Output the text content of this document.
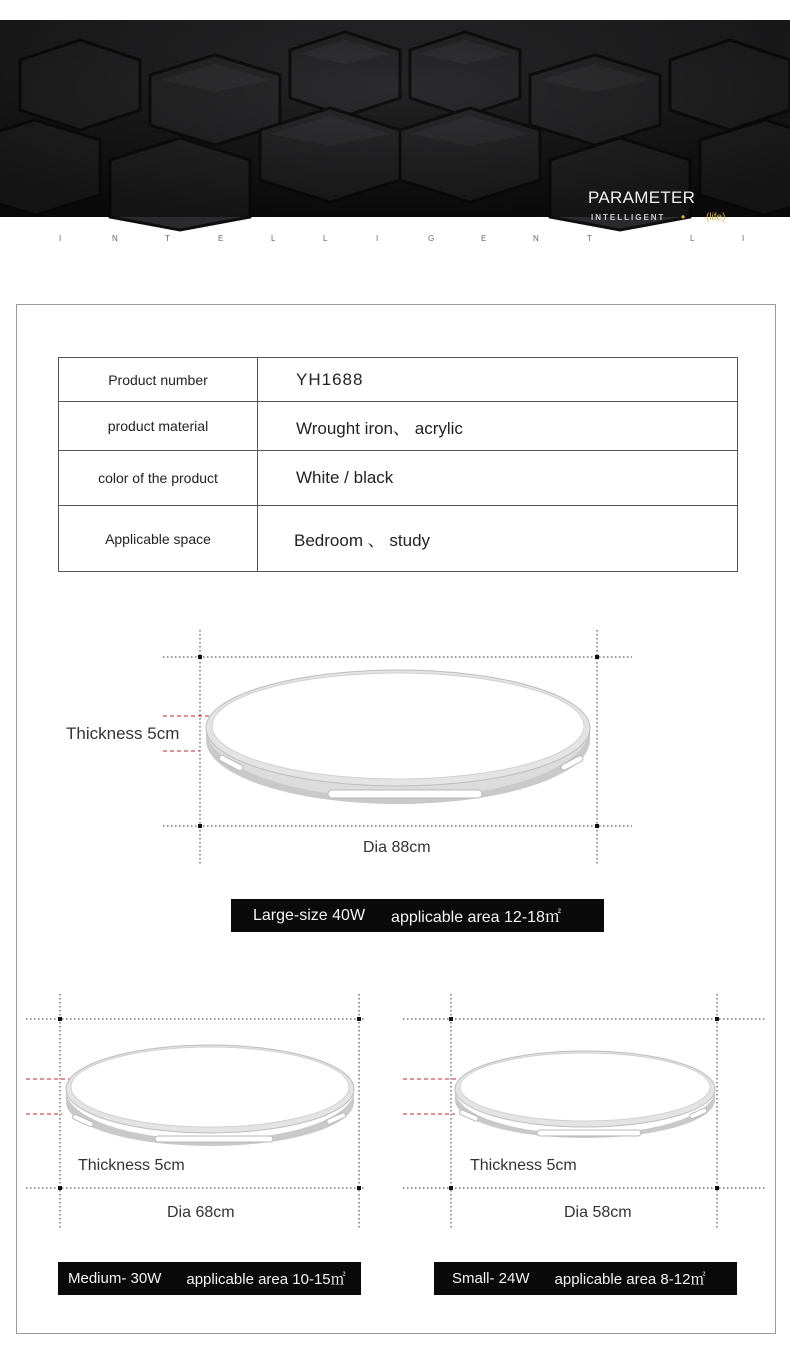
PARAMETER
INTELLIGENT • (life)
I	N	T	E	L	L	I	G	E	N	T	L	I
Product number	YH1688
product material	Wrought iron、 acrylic
color of the product	White / black
Applicable space	Bedroom 、 study
Thickness 5cm
Dia 88cm
Large-size 40W applicable area 12-18㎡
Thickness 5cm
Dia 68cm
Thickness 5cm
Dia 58cm
Medium- 30W applicable area 10-15㎡	Small- 24W applicable area 8-12㎡
